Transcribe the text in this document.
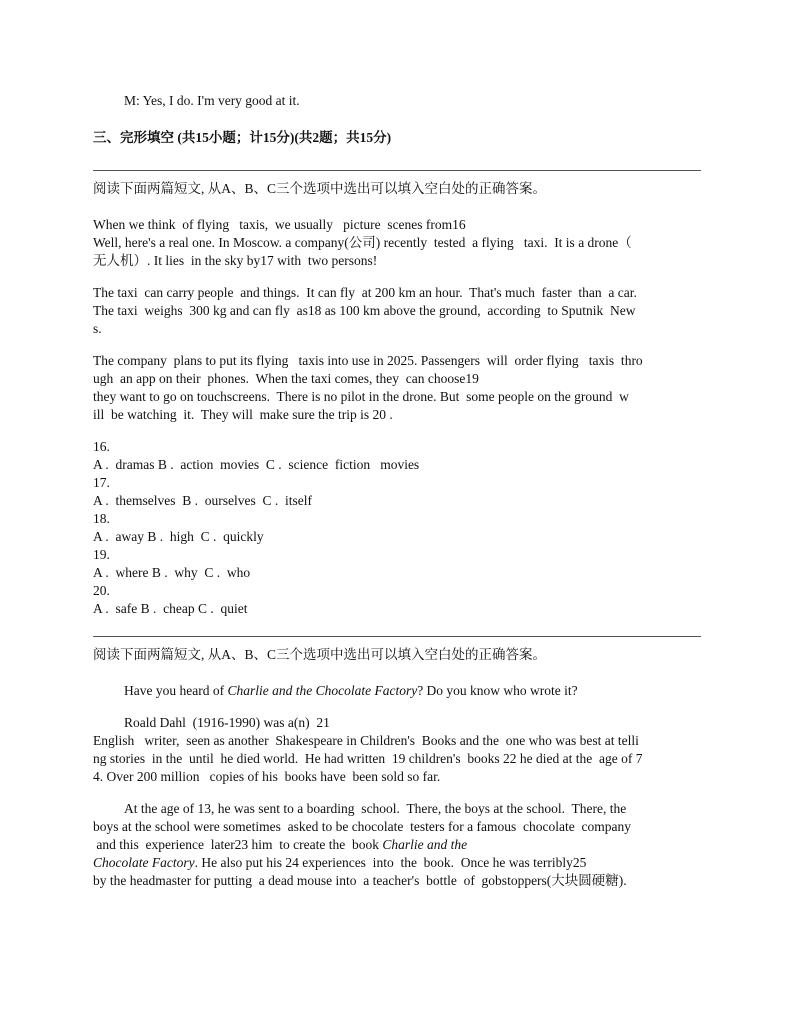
M: Yes, I do. I'm very good at it.

三、完形填空 (共15小题；计15分)(共2题；共15分)

阅读下面两篇短文, 从A、B、C三个选项中选出可以填入空白处的正确答案。

When we think  of flying   taxis,  we usually   picture  scenes from16

Well, here's a real one. In Moscow. a company(公司) recently  tested  a flying   taxi.  It is a drone（

无人机）. It lies  in the sky by17 with  two persons!

The taxi  can carry people  and things.  It can fly  at 200 km an hour.  That's much  faster  than  a car.

The taxi  weighs  300 kg and can fly  as18 as 100 km above the ground,  according  to Sputnik  New

s.

The company  plans to put its flying   taxis into use in 2025. Passengers  will  order flying   taxis  thro

ugh  an app on their  phones.  When the taxi comes, they  can choose19

they want to go on touchscreens.  There is no pilot in the drone. But  some people on the ground  w

ill  be watching  it.  They will  make sure the trip is 20 .

16.

A .  dramas B .  action  movies  C .  science  fiction   movies

17.

A .  themselves  B .  ourselves  C .  itself

18.

A .  away B .  high  C .  quickly

19.

A .  where B .  why  C .  who

20.

A .  safe B .  cheap C .  quiet

阅读下面两篇短文, 从A、B、C三个选项中选出可以填入空白处的正确答案。

Have you heard of Charlie and the Chocolate Factory? Do you know who wrote it?

Roald Dahl  (1916-1990) was a(n)  21

English   writer,  seen as another  Shakespeare in Children's  Books and the  one who was best at telli

ng stories  in the  until  he died world.  He had written  19 children's  books 22 he died at the  age of 7

4. Over 200 million   copies of his  books have  been sold so far.

At the age of 13, he was sent to a boarding  school.  There, the boys at the school.  There, the

boys at the school were sometimes  asked to be chocolate  testers for a famous  chocolate  company

and this  experience  later23 him  to create the  book Charlie and the

Chocolate Factory. He also put his 24 experiences  into  the  book.  Once he was terribly25

by the headmaster for putting  a dead mouse into  a teacher's  bottle  of  gobstoppers(大块圆硬糖).
